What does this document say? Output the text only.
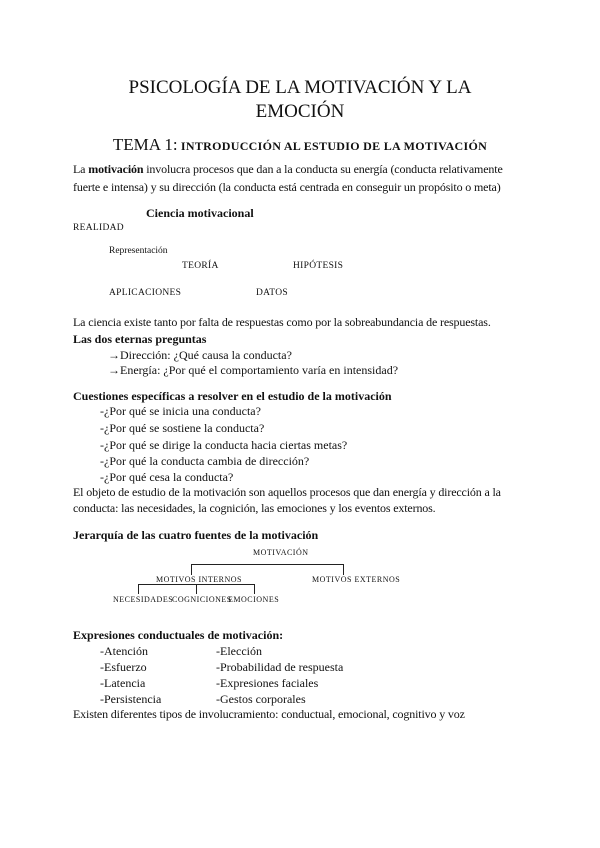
PSICOLOGÍA DE LA MOTIVACIÓN Y LA
EMOCIÓN
TEMA 1: INTRODUCCIÓN AL ESTUDIO DE LA MOTIVACIÓN
La motivación involucra procesos que dan a la conducta su energía (conducta relativamente
fuerte e intensa) y su dirección (la conducta está centrada en conseguir un propósito o meta)
Ciencia motivacional
REALIDAD
Representación
TEORÍA	HIPÓTESIS
APLICACIONES	DATOS
La ciencia existe tanto por falta de respuestas como por la sobreabundancia de respuestas.
Las dos eternas preguntas
→Dirección: ¿Qué causa la conducta?
→Energía: ¿Por qué el comportamiento varía en intensidad?
Cuestiones específicas a resolver en el estudio de la motivación
-¿Por qué se inicia una conducta?
-¿Por qué se sostiene la conducta?
-¿Por qué se dirige la conducta hacia ciertas metas?
-¿Por qué la conducta cambia de dirección?
-¿Por qué cesa la conducta?
El objeto de estudio de la motivación son aquellos procesos que dan energía y dirección a la
conducta: las necesidades, la cognición, las emociones y los eventos externos.
Jerarquía de las cuatro fuentes de la motivación
MOTIVACIÓN
MOTIVOS INTERNOS	MOTIVOS EXTERNOS
NECESIDADES
COGNICIONES
EMOCIONES
Expresiones conductuales de motivación:
-Atención	-Elección
-Esfuerzo	-Probabilidad de respuesta
-Latencia	-Expresiones faciales
-Persistencia	-Gestos corporales
Existen diferentes tipos de involucramiento: conductual, emocional, cognitivo y voz
